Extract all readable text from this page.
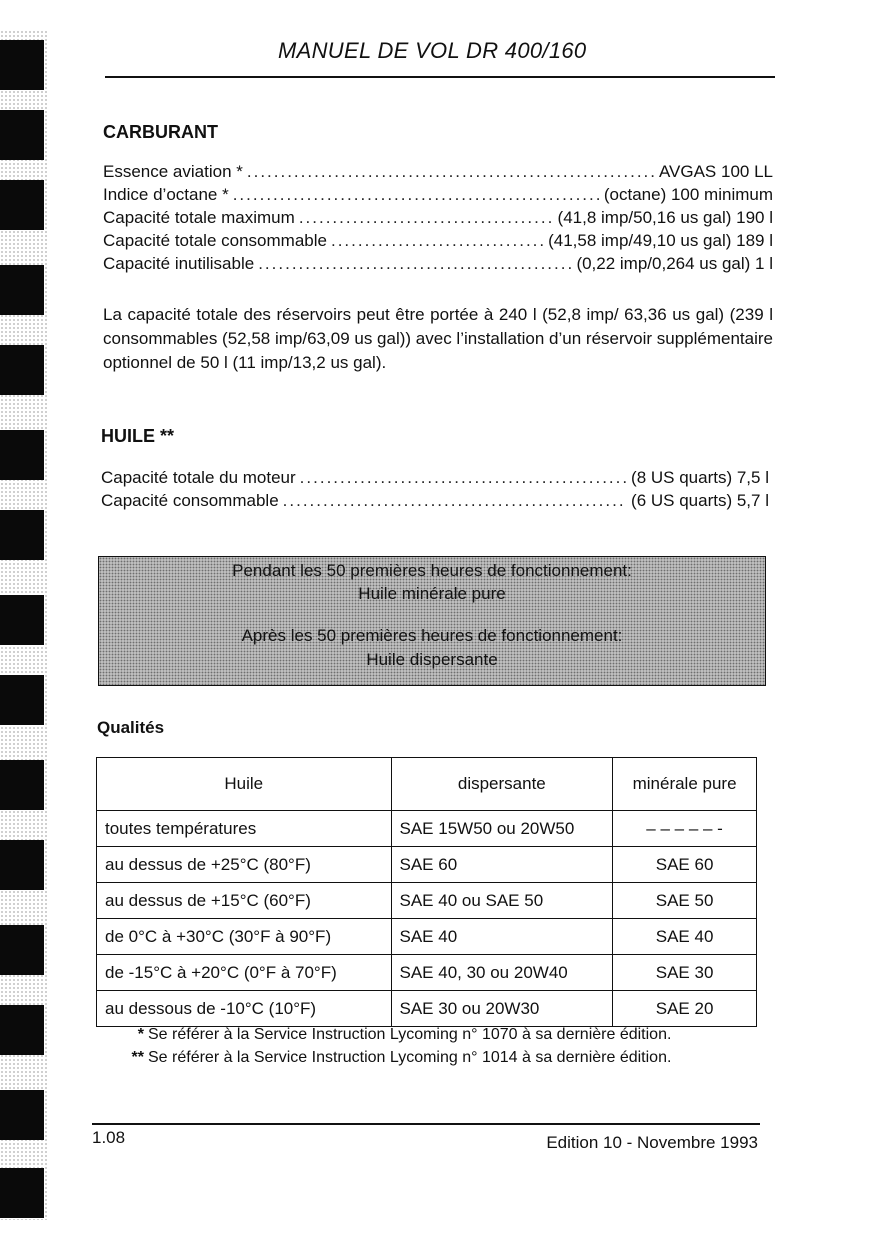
MANUEL DE VOL DR 400/160
CARBURANT
Essence aviation * .....	AVGAS 100 LL
Indice d’octane * .....	(octane) 100 minimum
Capacité totale maximum .....	(41,8 imp/50,16 us gal) 190 l
Capacité totale consommable .....	(41,58 imp/49,10 us gal) 189 l
Capacité inutilisable .....	(0,22 imp/0,264 us gal) 1 l
La capacité totale des réservoirs peut être portée à 240 l (52,8 imp/ 63,36 us gal) (239 l consommables (52,58 imp/63,09 us gal)) avec l’installation d’un réservoir supplémentaire optionnel de 50 l (11 imp/13,2 us gal).
HUILE **
Capacité totale du moteur .....	(8 US quarts) 7,5 l
Capacité consommable .....	(6 US quarts) 5,7 l
Pendant les 50 premières heures de fonctionnement:
Huile minérale pure
Après les 50 premières heures de fonctionnement:
Huile dispersante
Qualités
Huile	dispersante	minérale pure
toutes températures	SAE 15W50 ou 20W50	– – – – – -
au dessus de +25°C (80°F)	SAE 60	SAE 60
au dessus de +15°C (60°F)	SAE 40 ou SAE 50	SAE 50
de 0°C à +30°C (30°F à 90°F)	SAE 40	SAE 40
de -15°C à +20°C (0°F à 70°F)	SAE 40, 30 ou 20W40	SAE 30
au dessous de -10°C (10°F)	SAE 30 ou 20W30	SAE 20
* Se référer à la Service Instruction Lycoming n° 1070 à sa dernière édition.
** Se référer à la Service Instruction Lycoming n° 1014 à sa dernière édition.
1.08	Edition 10 - Novembre 1993
